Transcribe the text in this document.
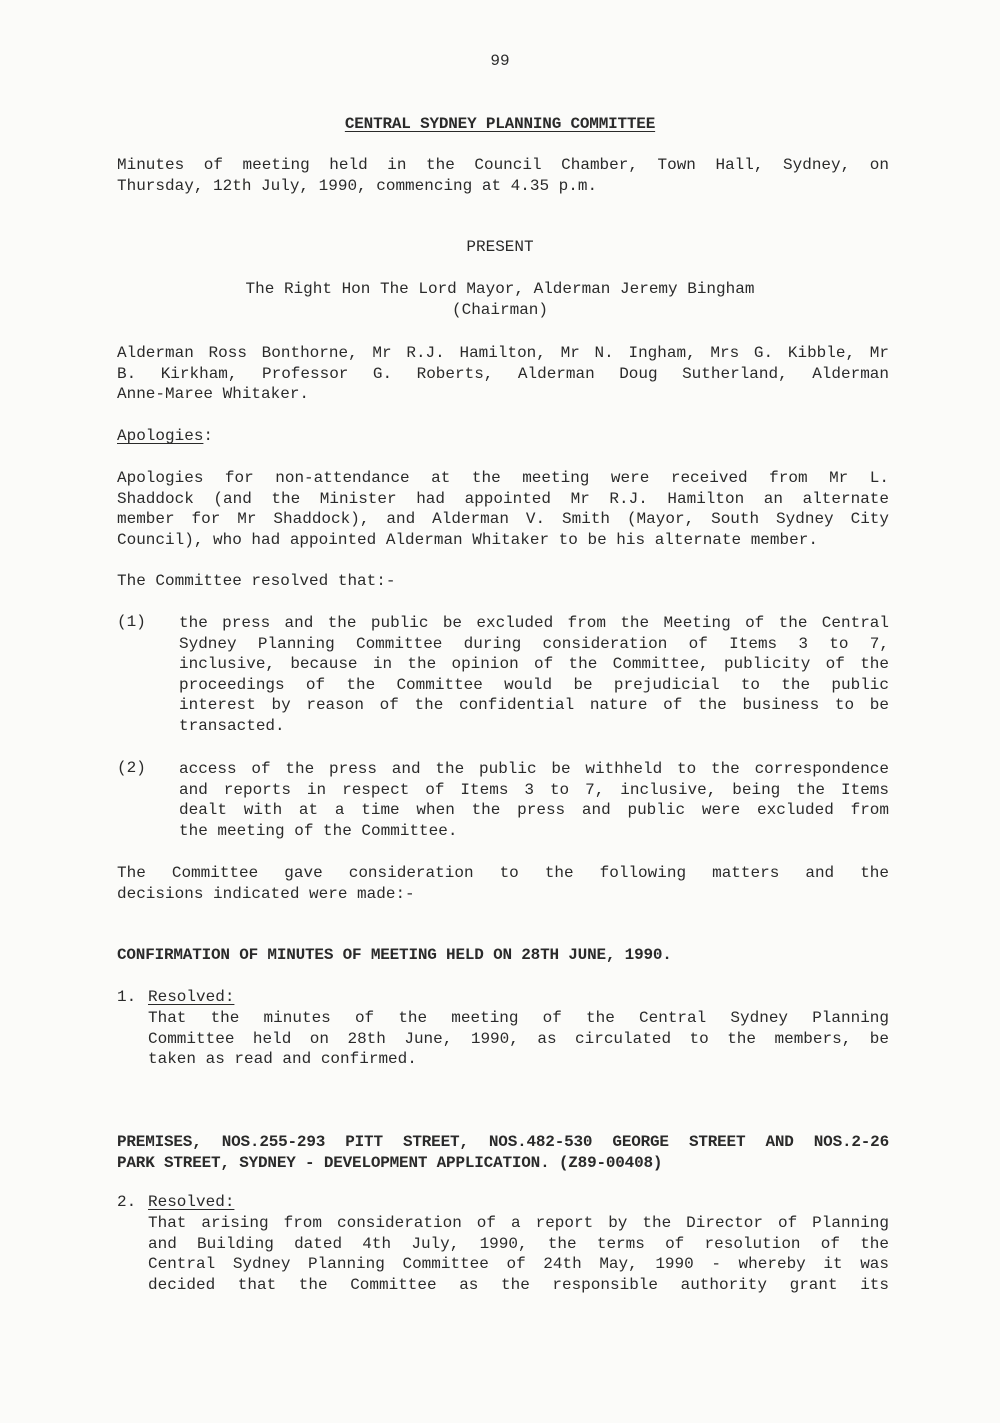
99
CENTRAL SYDNEY PLANNING COMMITTEE
Minutes of meeting held in the Council Chamber, Town Hall, Sydney, on
Thursday, 12th July, 1990, commencing at 4.35 p.m.
PRESENT
The Right Hon The Lord Mayor, Alderman Jeremy Bingham
(Chairman)
Alderman Ross Bonthorne, Mr R.J. Hamilton, Mr N. Ingham, Mrs G. Kibble, Mr
B. Kirkham, Professor G. Roberts, Alderman Doug Sutherland, Alderman
Anne-Maree Whitaker.
Apologies:
Apologies for non-attendance at the meeting were received from Mr L.
Shaddock (and the Minister had appointed Mr R.J. Hamilton an alternate
member for Mr Shaddock), and Alderman V. Smith (Mayor, South Sydney City
Council), who had appointed Alderman Whitaker to be his alternate member.
The Committee resolved that:-
(1) the press and the public be excluded from the Meeting of the Central
Sydney Planning Committee during consideration of Items 3 to 7,
inclusive, because in the opinion of the Committee, publicity of the
proceedings of the Committee would be prejudicial to the public
interest by reason of the confidential nature of the business to be
transacted.
(2) access of the press and the public be withheld to the correspondence
and reports in respect of Items 3 to 7, inclusive, being the Items
dealt with at a time when the press and public were excluded from
the meeting of the Committee.
The Committee gave consideration to the following matters and the
decisions indicated were made:-
CONFIRMATION OF MINUTES OF MEETING HELD ON 28TH JUNE, 1990.
1. Resolved:
That the minutes of the meeting of the Central Sydney Planning
Committee held on 28th June, 1990, as circulated to the members, be
taken as read and confirmed.
PREMISES, NOS.255-293 PITT STREET, NOS.482-530 GEORGE STREET AND NOS.2-26
PARK STREET, SYDNEY - DEVELOPMENT APPLICATION. (Z89-00408)
2. Resolved:
That arising from consideration of a report by the Director of Planning
and Building dated 4th July, 1990, the terms of resolution of the
Central Sydney Planning Committee of 24th May, 1990 - whereby it was
decided that the Committee as the responsible authority grant its
